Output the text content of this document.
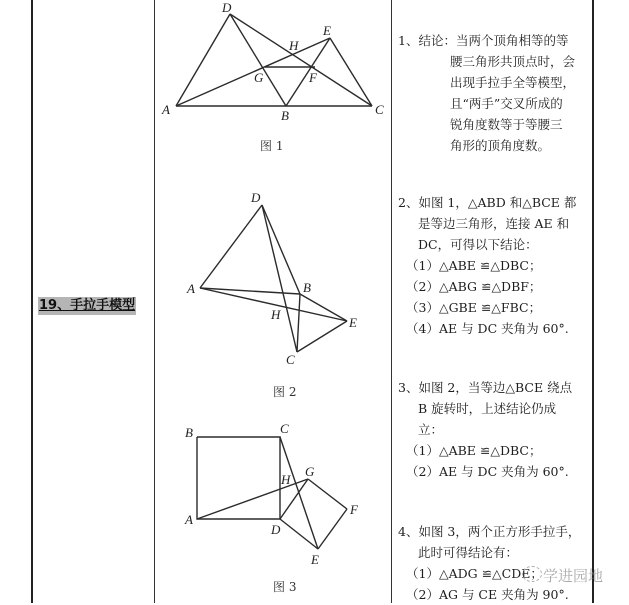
19、手拉手模型
D
E
H
G	F
A	B	C
图 1
D
A	B
H
E
C
图 2
B	C
H
G
F
A
D
E
图 3
1、结论：当两个顶角相等的等
腰三角形共顶点时，会
出现手拉手全等模型，
且“两手”交叉所成的
锐角度数等于等腰三
角形的顶角度数。
2、如图 1，△ABD 和△BCE 都
是等边三角形，连接 AE 和
DC，可得以下结论：
（1）△ABE ≌△DBC；
（2）△ABG ≌△DBF；
（3）△GBE ≌△FBC；
（4）AE 与 DC 夹角为 60°.
3、如图 2，当等边△BCE 绕点
B 旋转时，上述结论仍成
立：
（1）△ABE ≌△DBC；
（2）AE 与 DC 夹角为 60°.
4、如图 3，两个正方形手拉手，
此时可得结论有：
（1）△ADG ≌△CDE；
（2）AG 与 CE 夹角为 90°.
学进园地
